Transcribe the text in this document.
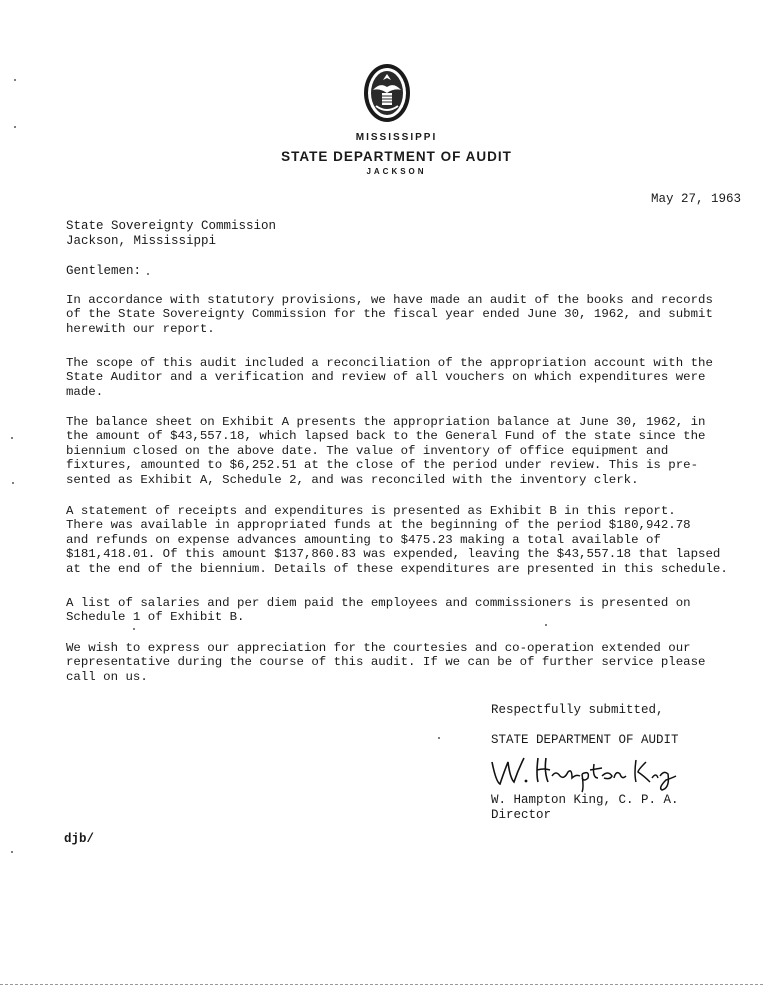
MISSISSIPPI
STATE DEPARTMENT OF AUDIT
JACKSON
May 27, 1963
State Sovereignty Commission
Jackson, Mississippi
Gentlemen:
In accordance with statutory provisions, we have made an audit of the books and records
of the State Sovereignty Commission for the fiscal year ended June 30, 1962, and submit
herewith our report.
The scope of this audit included a reconciliation of the appropriation account with the
State Auditor and a verification and review of all vouchers on which expenditures were
made.
The balance sheet on Exhibit A presents the appropriation balance at June 30, 1962, in
the amount of $43,557.18, which lapsed back to the General Fund of the state since the
biennium closed on the above date. The value of inventory of office equipment and
fixtures, amounted to $6,252.51 at the close of the period under review. This is pre-
sented as Exhibit A, Schedule 2, and was reconciled with the inventory clerk.
A statement of receipts and expenditures is presented as Exhibit B in this report.
There was available in appropriated funds at the beginning of the period $180,942.78
and refunds on expense advances amounting to $475.23 making a total available of
$181,418.01. Of this amount $137,860.83 was expended, leaving the $43,557.18 that lapsed
at the end of the biennium. Details of these expenditures are presented in this schedule.
A list of salaries and per diem paid the employees and commissioners is presented on
Schedule 1 of Exhibit B.
We wish to express our appreciation for the courtesies and co-operation extended our
representative during the course of this audit. If we can be of further service please
call on us.
Respectfully submitted,
STATE DEPARTMENT OF AUDIT
W. Hampton King, C. P. A.
Director
djb/
